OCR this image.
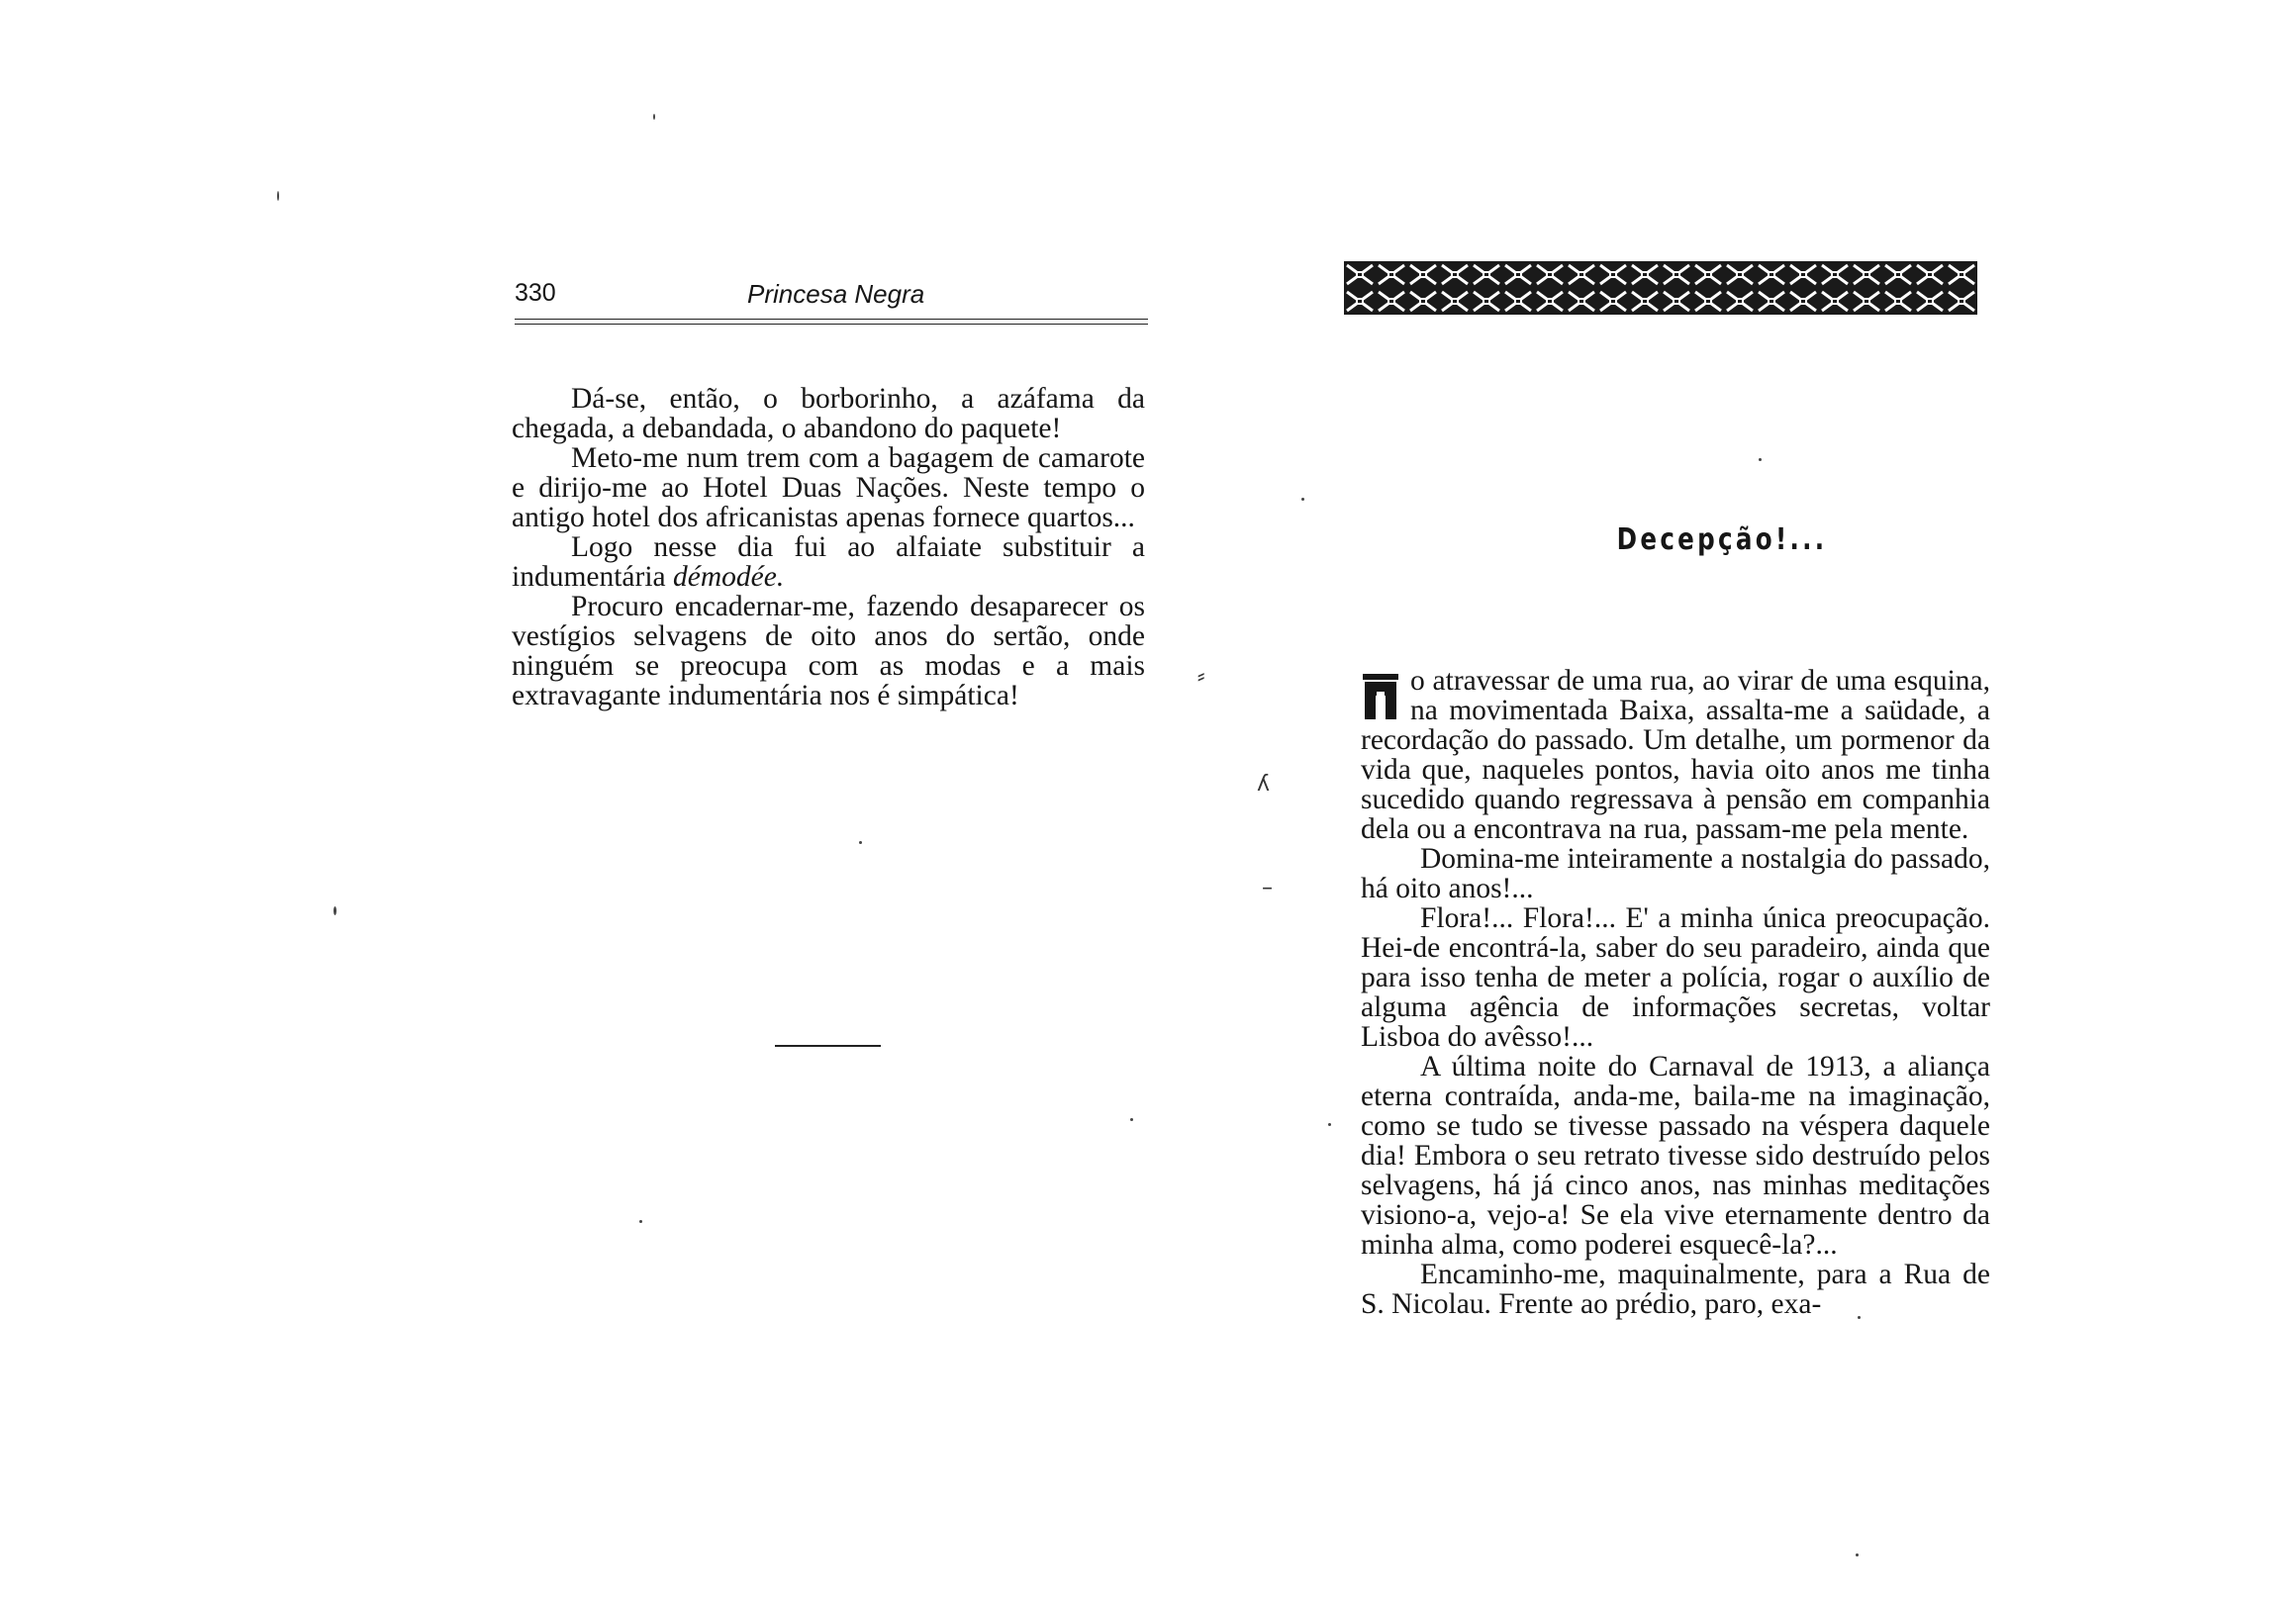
330	Princesa Negra

Dá-se, então, o borborinho, a azáfama da chegada, a debandada, o abandono do paquete!

Meto-me num trem com a bagagem de camarote e dirijo-me ao Hotel Duas Nações. Neste tempo o antigo hotel dos africanistas apenas fornece quartos...

Logo nesse dia fui ao alfaiate substituir a indumentária démodée.

Procuro encadernar-me, fazendo desaparecer os vestígios selvagens de oito anos do sertão, onde ninguém se preocupa com as modas e a mais extravagante indumentária nos é simpática!

Decepção!...

o atravessar de uma rua, ao virar de uma esquina, na movimentada Baixa, assalta-me a saüdade, a recordação do passado. Um detalhe, um pormenor da vida que, naqueles pontos, havia oito anos me tinha sucedido quando regressava à pensão em companhia dela ou a encontrava na rua, passam-me pela mente.

Domina-me inteiramente a nostalgia do passado, há oito anos!...

Flora!... Flora!... E' a minha única preocupação. Hei-de encontrá-la, saber do seu paradeiro, ainda que para isso tenha de meter a polícia, rogar o auxílio de alguma agência de informações secretas, voltar Lisboa do avêsso!...

A última noite do Carnaval de 1913, a aliança eterna contraída, anda-me, baila-me na imaginação, como se tudo se tivesse passado na véspera daquele dia! Embora o seu retrato tivesse sido destruído pelos selvagens, há já cinco anos, nas minhas meditações visiono-a, vejo-a! Se ela vive eternamente dentro da minha alma, como poderei esquecê-la?...

Encaminho-me, maquinalmente, para a Rua de S. Nicolau. Frente ao prédio, paro, exa-

⸗
ʎ
–
